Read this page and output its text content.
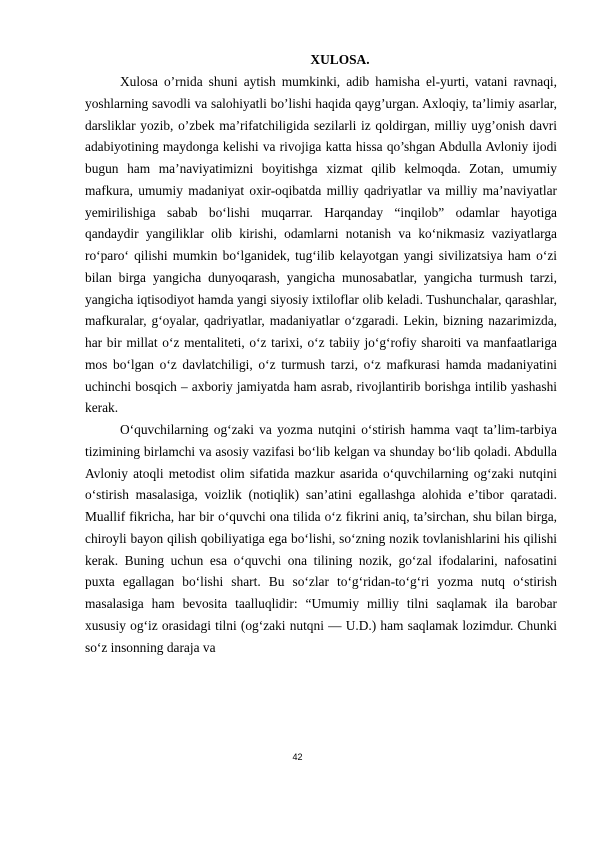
XULOSA.

Xulosa o’rnida shuni aytish mumkinki, adib hamisha el-yurti, vatani ravnaqi, yoshlarning savodli va salohiyatli bo’lishi haqida qayg’urgan. Axloqiy, ta’limiy asarlar, darsliklar yozib, o’zbek ma’rifatchiligida sezilarli iz qoldirgan, milliy uyg’onish davri adabiyotining maydonga kelishi va rivojiga katta hissa qo’shgan Abdulla Avloniy ijodi bugun ham ma’naviyatimizni boyitishga xizmat qilib kelmoqda. Zotan, umumiy mafkura, umumiy madaniyat oxir-oqibatda milliy qadriyatlar va milliy maʼnaviyatlar yemirilishiga sabab boʻlishi muqarrar. Harqanday “inqilob” odamlar hayotiga qandaydir yangiliklar olib kirishi, odamlarni notanish va koʻnikmasiz vaziyatlarga roʻparoʻ qilishi mumkin boʻlganidek, tugʻilib kelayotgan yangi sivilizatsiya ham oʻzi bilan birga yangicha dunyoqarash, yangicha munosabatlar, yangicha turmush tarzi, yangicha iqtisodiyot hamda yangi siyosiy ixtiloflar olib keladi. Tushunchalar, qarashlar, mafkuralar, gʻoyalar, qadriyatlar, madaniyatlar oʻzgaradi. Lekin, bizning nazarimizda, har bir millat oʻz mentaliteti, oʻz tarixi, oʻz tabiiy joʻgʻrofiy sharoiti va manfaatlariga mos boʻlgan oʻz davlatchiligi, oʻz turmush tarzi, oʻz mafkurasi hamda madaniyatini uchinchi bosqich – axboriy jamiyatda ham asrab, rivojlantirib borishga intilib yashashi kerak.

O‘quvchilarning og‘zaki va yozma nutqini o‘stirish hamma vaqt ta’lim-tarbiya tizimining birlamchi va asosiy vazifasi bo‘lib kelgan va shunday bo‘lib qoladi. Abdulla Avloniy atoqli metodist olim sifatida mazkur asarida o‘quvchilarning og‘zaki nutqini o‘stirish masalasiga, voizlik (notiqlik) san’atini egallashga alohida e’tibor qaratadi. Muallif fikricha, har bir o‘quvchi ona tilida o‘z fikrini aniq, ta’sirchan, shu bilan birga, chiroyli bayon qilish qobiliyatiga ega bo‘lishi, so‘zning nozik tovlanishlarini his qilishi kerak. Buning uchun esa o‘quvchi ona tilining nozik, go‘zal ifodalarini, nafosatini puxta egallagan bo‘lishi shart. Bu so‘zlar to‘g‘ridan-to‘g‘ri yozma nutq o‘stirish masalasiga ham bevosita taalluqlidir: “Umumiy milliy tilni saqlamak ila barobar xususiy og‘iz orasidagi tilni (og‘zaki nutqni — U.D.) ham saqlamak lozimdur. Chunki so‘z insonning daraja va

42
